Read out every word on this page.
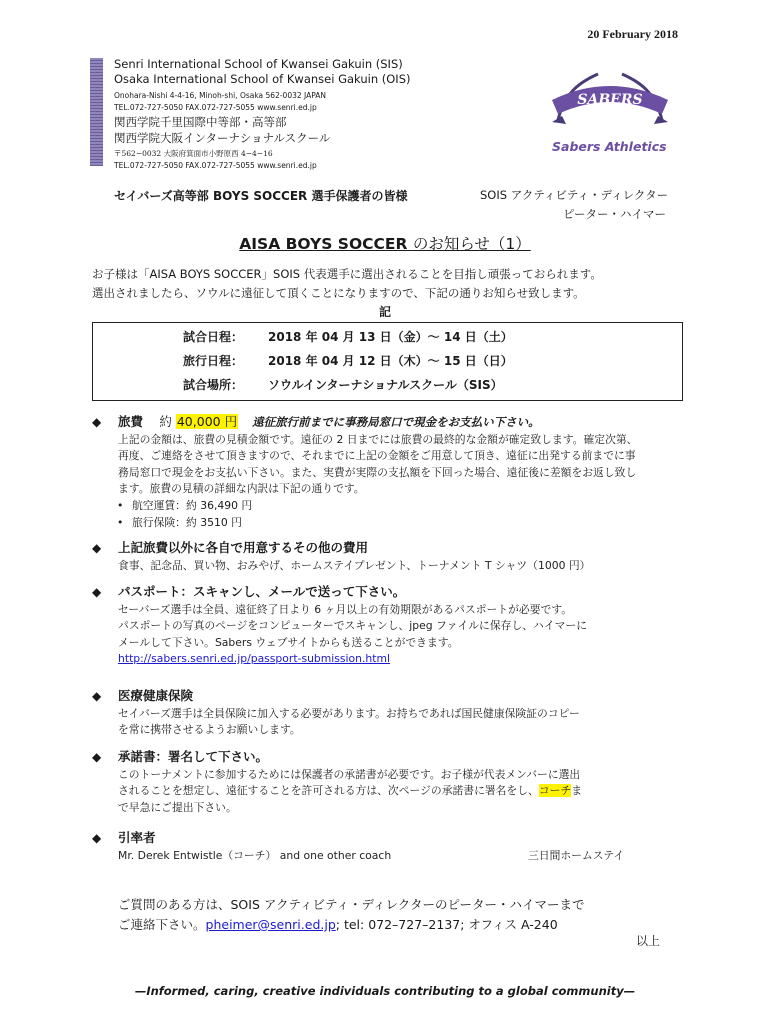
20 February 2018
Senri International School of Kwansei Gakuin (SIS)
Osaka International School of Kwansei Gakuin (OIS)
Onohara-Nishi 4-4-16, Minoh-shi, Osaka 562-0032 JAPAN
TEL.072-727-5050 FAX.072-727-5055 www.senri.ed.jp
関西学院千里国際中等部・高等部
関西学院大阪インターナショナルスクール
〒562−0032 大阪府箕面市小野原西 4−4−16
TEL.072-727-5050 FAX.072-727-5055 www.senri.ed.jp
SABERS
Sabers Athletics
セイバーズ高等部 BOYS SOCCER 選手保護者の皆様	SOIS アクティビティ・ディレクター
ピーター・ハイマー
AISA BOYS SOCCER のお知らせ（1）
お子様は「AISA BOYS SOCCER」SOIS 代表選手に選出されることを目指し頑張っておられます。
選出されましたら、ソウルに遠征して頂くことになりますので、下記の通りお知らせ致します。
記
試合日程： 2018 年 04 月 13 日（金）〜 14 日（土）
旅行日程： 2018 年 04 月 12 日（木）〜 15 日（日）
試合場所： ソウルインターナショナルスクール（SIS）
◆ 旅費 約 40,000 円 遠征旅行前までに事務局窓口で現金をお支払い下さい。
上記の金額は、旅費の見積金額です。遠征の 2 日までには旅費の最終的な金額が確定致します。確定次第、
再度、ご連絡をさせて頂きますので、それまでに上記の金額をご用意して頂き、遠征に出発する前までに事
務局窓口で現金をお支払い下さい。また、実費が実際の支払額を下回った場合、遠征後に差額をお返し致し
ます。旅費の見積の詳細な内訳は下記の通りです。
• 航空運賃：約 36,490 円
• 旅行保険：約 3510 円
◆ 上記旅費以外に各自で用意するその他の費用
食事、記念品、買い物、おみやげ、ホームステイプレゼント、トーナメント T シャツ（1000 円）
◆ パスポート：スキャンし、メールで送って下さい。
セーバーズ選手は全員、遠征終了日より 6 ヶ月以上の有効期限があるパスポートが必要です。
パスポートの写真のページをコンピューターでスキャンし、jpeg ファイルに保存し、ハイマーに
メールして下さい。Sabers ウェブサイトからも送ることができます。
http://sabers.senri.ed.jp/passport-submission.html
◆ 医療健康保険
セイバーズ選手は全員保険に加入する必要があります。お持ちであれば国民健康保険証のコピー
を常に携帯させるようお願いします。
◆ 承諾書：署名して下さい。
このトーナメントに参加するためには保護者の承諾書が必要です。お子様が代表メンバーに選出
されることを想定し、遠征することを許可される方は、次ページの承諾書に署名をし、コーチま
で早急にご提出下さい。
◆ 引率者
Mr. Derek Entwistle（コーチ） and one other coach	三日間ホームステイ
ご質問のある方は、SOIS アクティビティ・ディレクターのピーター・ハイマーまで
ご連絡下さい。pheimer@senri.ed.jp; tel: 072–727–2137; オフィス A-240
以上
—Informed, caring, creative individuals contributing to a global community—
